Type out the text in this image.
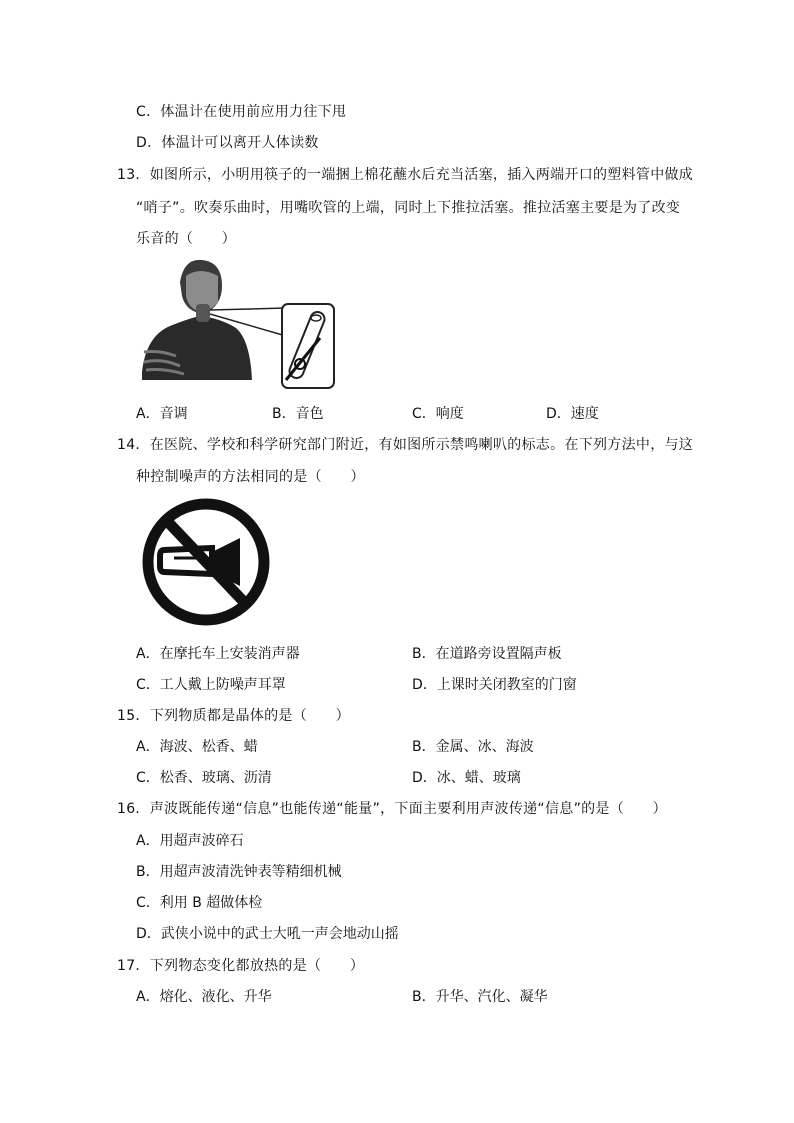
C．体温计在使用前应用力往下甩
D．体温计可以离开人体读数
13．如图所示，小明用筷子的一端捆上棉花蘸水后充当活塞，插入两端开口的塑料管中做成
“哨子”。吹奏乐曲时，用嘴吹管的上端，同时上下推拉活塞。推拉活塞主要是为了改变
乐音的（　　）
A．音调	B．音色	C．响度	D．速度
14．在医院、学校和科学研究部门附近，有如图所示禁鸣喇叭的标志。在下列方法中，与这
种控制噪声的方法相同的是（　　）
A．在摩托车上安装消声器	B．在道路旁设置隔声板
C．工人戴上防噪声耳罩	D．上课时关闭教室的门窗
15．下列物质都是晶体的是（　　）
A．海波、松香、蜡	B．金属、冰、海波
C．松香、玻璃、沥清	D．冰、蜡、玻璃
16．声波既能传递“信息”也能传递“能量”，下面主要利用声波传递“信息”的是（　　）
A．用超声波碎石
B．用超声波清洗钟表等精细机械
C．利用 B 超做体检
D．武侠小说中的武士大吼一声会地动山摇
17．下列物态变化都放热的是（　　）
A．熔化、液化、升华	B．升华、汽化、凝华
